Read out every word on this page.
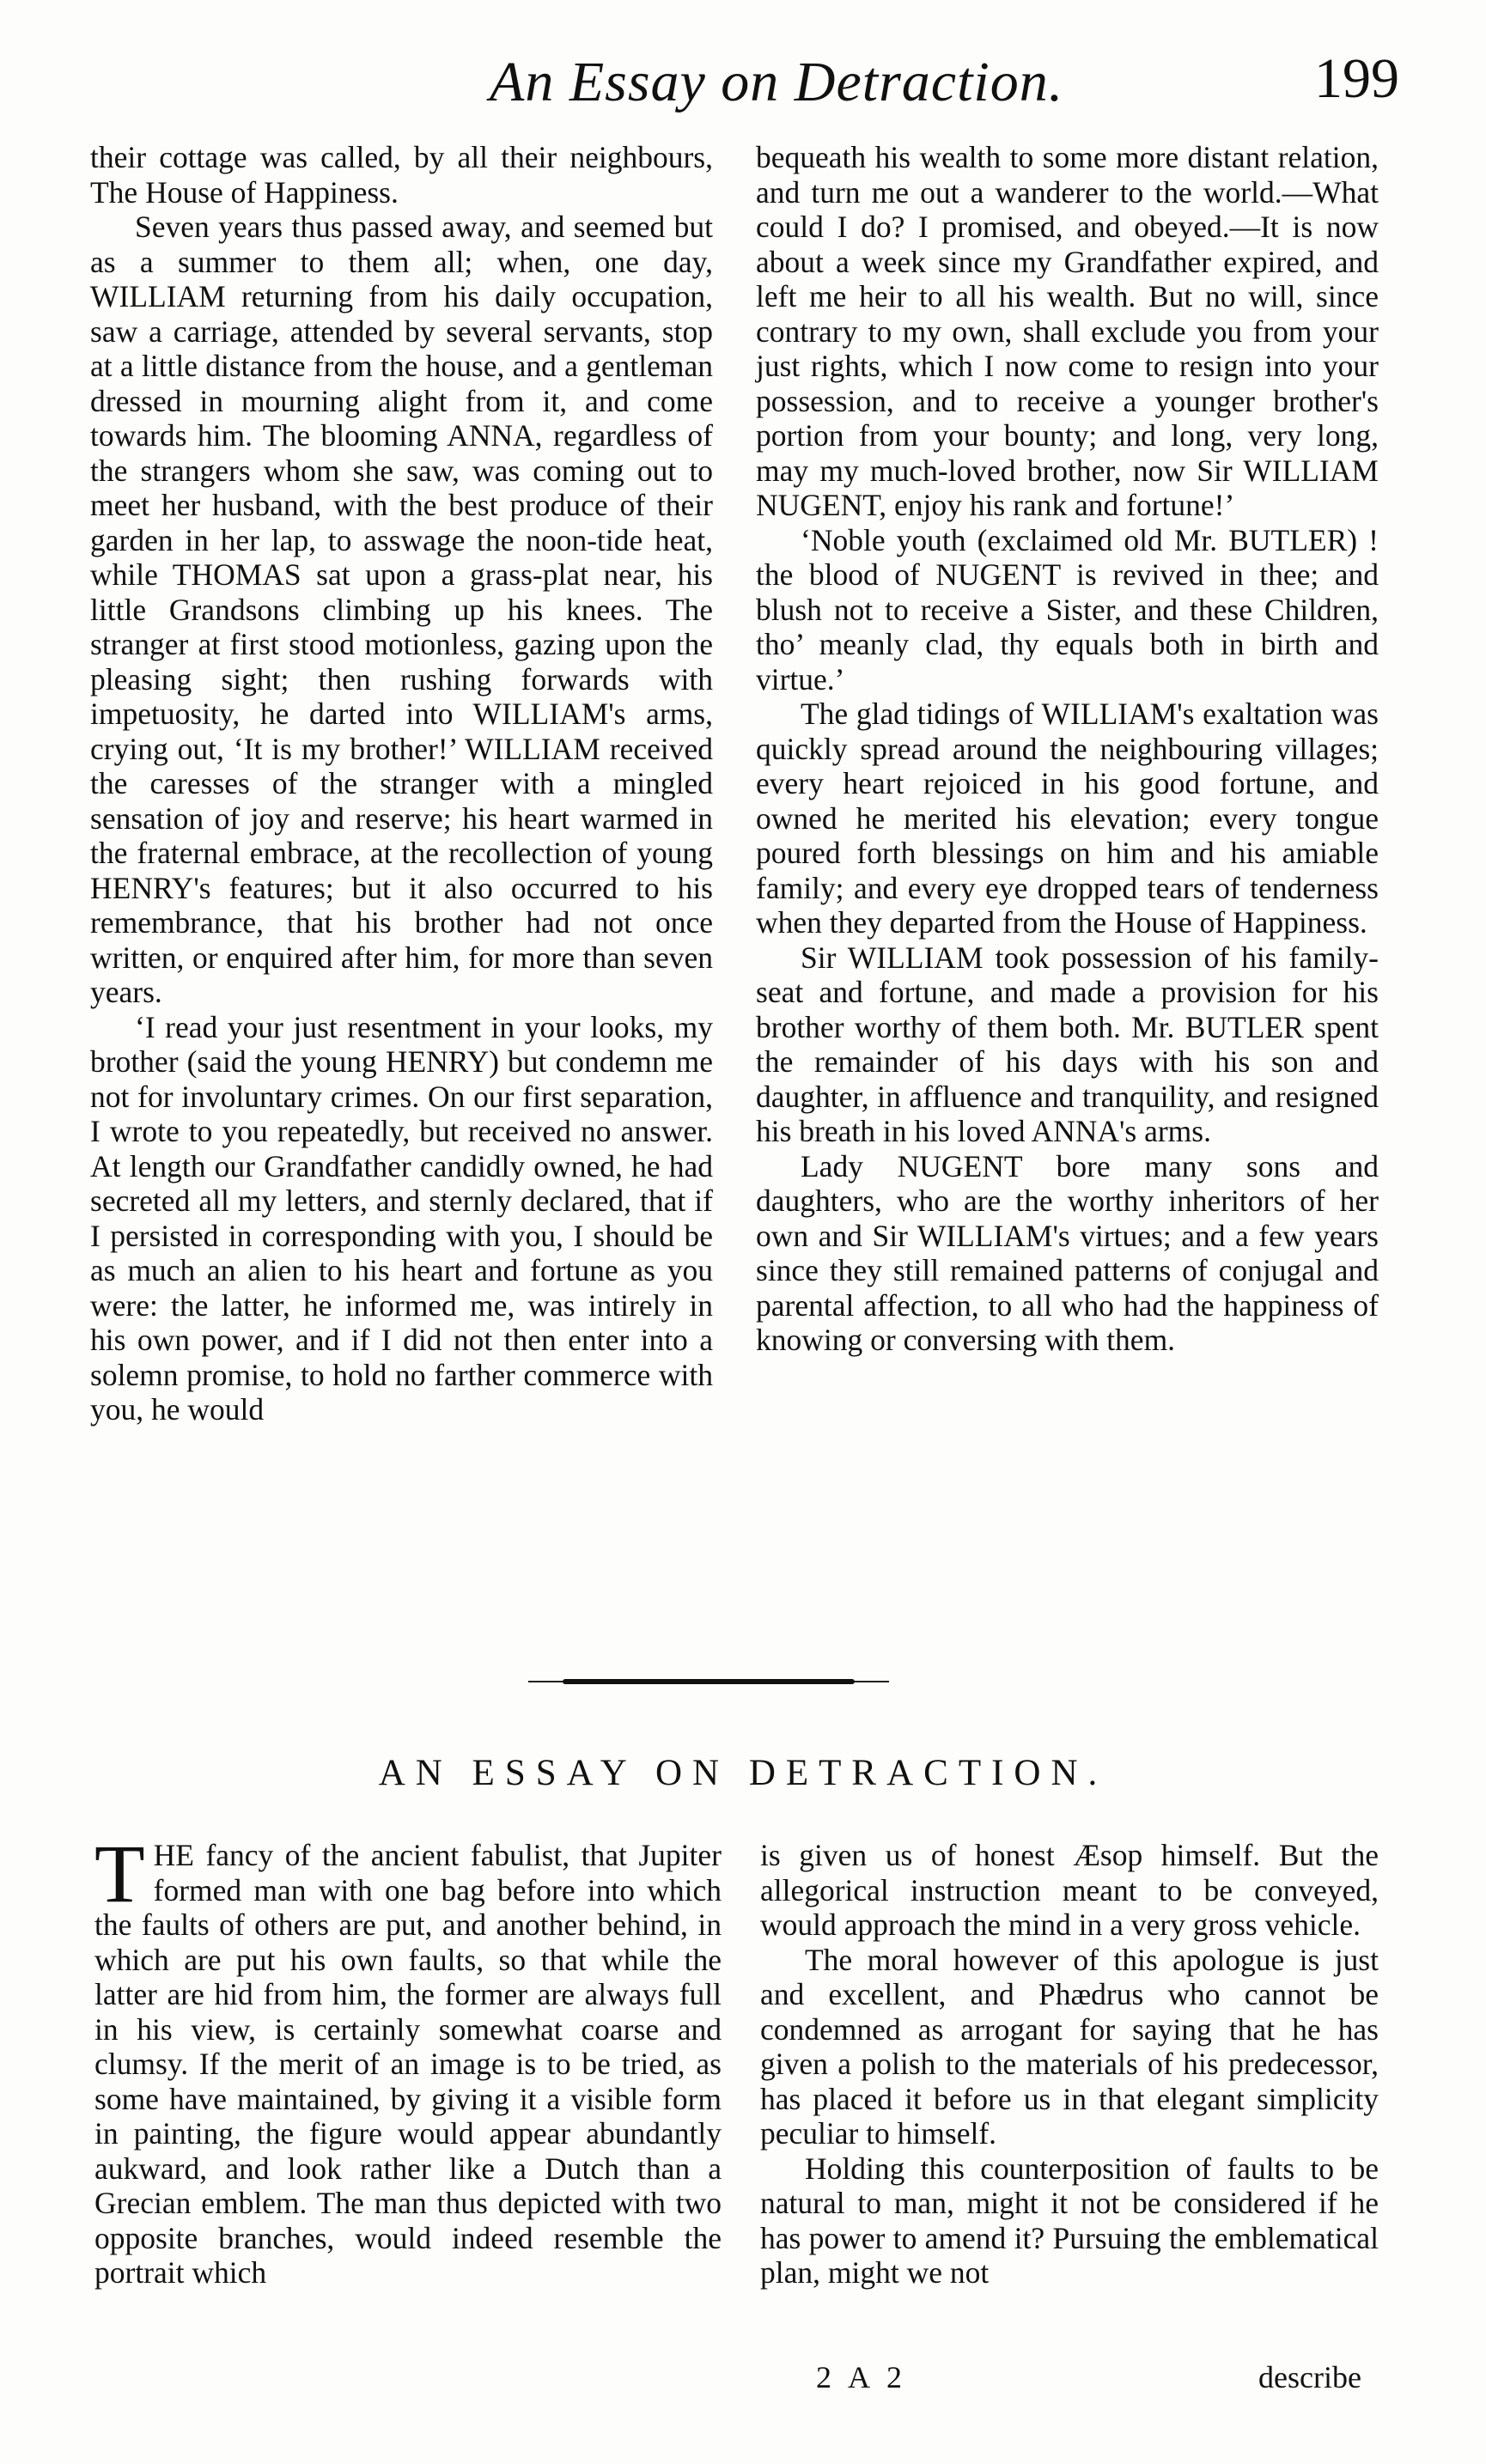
An Essay on Detraction.	199

their cottage was called, by all their neighbours, The House of Happiness.

Seven years thus passed away, and seemed but as a summer to them all; when, one day, WILLIAM returning from his daily occupation, saw a carriage, attended by several servants, stop at a little distance from the house, and a gentleman dressed in mourning alight from it, and come towards him. The blooming ANNA, regardless of the strangers whom she saw, was coming out to meet her husband, with the best produce of their garden in her lap, to asswage the noon-tide heat, while THOMAS sat upon a grass-plat near, his little Grandsons climbing up his knees. The stranger at first stood motionless, gazing upon the pleasing sight; then rushing forwards with impetuosity, he darted into WILLIAM's arms, crying out, ‘It is my brother!’ WILLIAM received the caresses of the stranger with a mingled sensation of joy and reserve; his heart warmed in the fraternal embrace, at the recollection of young HENRY's features; but it also occurred to his remembrance, that his brother had not once written, or enquired after him, for more than seven years.

‘I read your just resentment in your looks, my brother (said the young HENRY) but condemn me not for involuntary crimes. On our first separation, I wrote to you repeatedly, but received no answer. At length our Grandfather candidly owned, he had secreted all my letters, and sternly declared, that if I persisted in corresponding with you, I should be as much an alien to his heart and fortune as you were: the latter, he informed me, was intirely in his own power, and if I did not then enter into a solemn promise, to hold no farther commerce with you, he would

bequeath his wealth to some more distant relation, and turn me out a wanderer to the world.—What could I do? I promised, and obeyed.—It is now about a week since my Grandfather expired, and left me heir to all his wealth. But no will, since contrary to my own, shall exclude you from your just rights, which I now come to resign into your possession, and to receive a younger brother's portion from your bounty; and long, very long, may my much-loved brother, now Sir WILLIAM NUGENT, enjoy his rank and fortune!’

‘Noble youth (exclaimed old Mr. BUTLER) ! the blood of NUGENT is revived in thee; and blush not to receive a Sister, and these Children, tho’ meanly clad, thy equals both in birth and virtue.’

The glad tidings of WILLIAM's exaltation was quickly spread around the neighbouring villages; every heart rejoiced in his good fortune, and owned he merited his elevation; every tongue poured forth blessings on him and his amiable family; and every eye dropped tears of tenderness when they departed from the House of Happiness.

Sir WILLIAM took possession of his family-seat and fortune, and made a provision for his brother worthy of them both. Mr. BUTLER spent the remainder of his days with his son and daughter, in affluence and tranquility, and resigned his breath in his loved ANNA's arms.

Lady NUGENT bore many sons and daughters, who are the worthy inheritors of her own and Sir WILLIAM's virtues; and a few years since they still remained patterns of conjugal and parental affection, to all who had the happiness of knowing or conversing with them.

AN ESSAY ON DETRACTION.

THE fancy of the ancient fabulist, that Jupiter formed man with one bag before into which the faults of others are put, and another behind, in which are put his own faults, so that while the latter are hid from him, the former are always full in his view, is certainly somewhat coarse and clumsy. If the merit of an image is to be tried, as some have maintained, by giving it a visible form in painting, the figure would appear abundantly aukward, and look rather like a Dutch than a Grecian emblem. The man thus depicted with two opposite branches, would indeed resemble the portrait which

is given us of honest Æsop himself. But the allegorical instruction meant to be conveyed, would approach the mind in a very gross vehicle.

The moral however of this apologue is just and excellent, and Phædrus who cannot be condemned as arrogant for saying that he has given a polish to the materials of his predecessor, has placed it before us in that elegant simplicity peculiar to himself.

Holding this counterposition of faults to be natural to man, might it not be considered if he has power to amend it? Pursuing the emblematical plan, might we not

2 A 2	describe
